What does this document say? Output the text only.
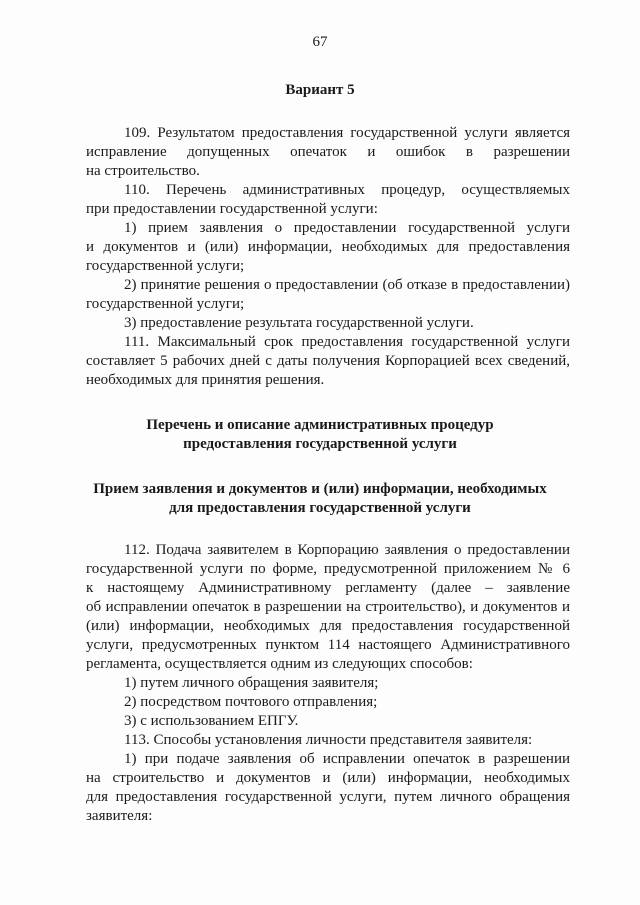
67
Вариант 5
109. Результатом предоставления государственной услуги является
исправление допущенных опечаток и ошибок в разрешении
на строительство.
110. Перечень административных процедур, осуществляемых
при предоставлении государственной услуги:
1) прием заявления о предоставлении государственной услуги
и документов и (или) информации, необходимых для предоставления
государственной услуги;
2) принятие решения о предоставлении (об отказе в предоставлении)
государственной услуги;
3) предоставление результата государственной услуги.
111. Максимальный срок предоставления государственной услуги
составляет 5 рабочих дней с даты получения Корпорацией всех сведений,
необходимых для принятия решения.
Перечень и описание административных процедур
предоставления государственной услуги
Прием заявления и документов и (или) информации, необходимых
для предоставления государственной услуги
112. Подача заявителем в Корпорацию заявления о предоставлении
государственной услуги по форме, предусмотренной приложением № 6
к настоящему Административному регламенту (далее – заявление
об исправлении опечаток в разрешении на строительство), и документов и
(или) информации, необходимых для предоставления государственной
услуги, предусмотренных пунктом 114 настоящего Административного
регламента, осуществляется одним из следующих способов:
1) путем личного обращения заявителя;
2) посредством почтового отправления;
3) с использованием ЕПГУ.
113. Способы установления личности представителя заявителя:
1) при подаче заявления об исправлении опечаток в разрешении
на строительство и документов и (или) информации, необходимых
для предоставления государственной услуги, путем личного обращения
заявителя:
